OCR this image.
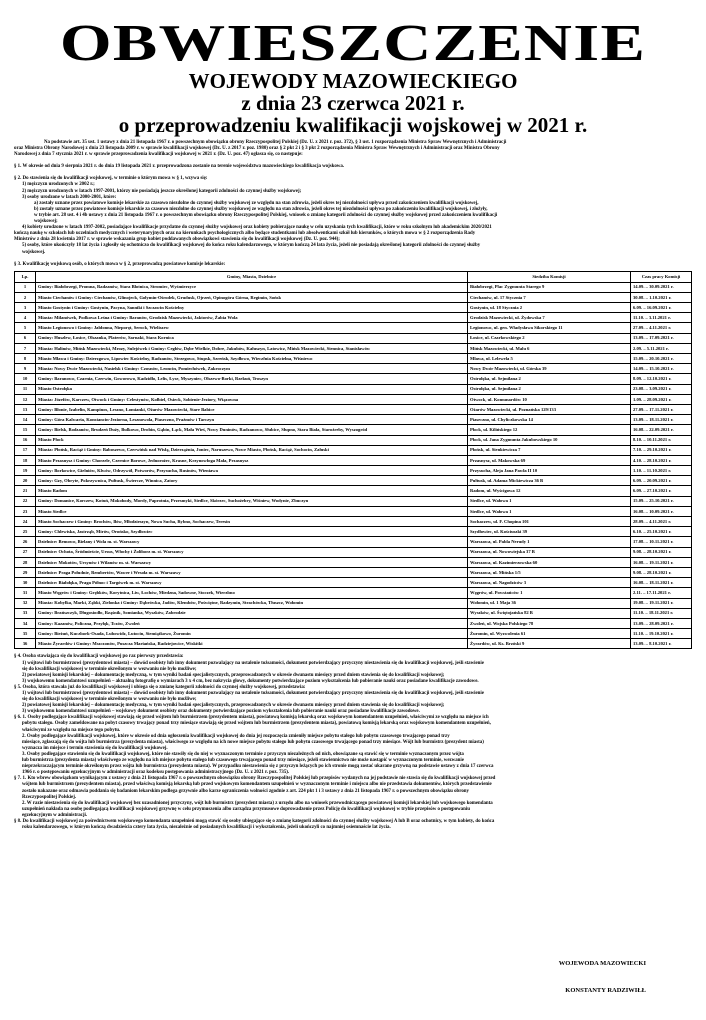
OBWIESZCZENIE
WOJEWODY MAZOWIECKIEGO
z dnia 23 czerwca 2021 r.
o przeprowadzeniu kwalifikacji wojskowej w 2021 r.

Na podstawie art. 35 ust. 1 ustawy z dnia 21 listopada 1967 r. o powszechnym obowiązku obrony Rzeczypospolitej Polskiej (Dz. U. z 2021 r. poz. 372), § 3 ust. 1 rozporządzenia Ministra Spraw Wewnętrznych i Administracji

oraz Ministra Obrony Narodowej z dnia 23 listopada 2009 r. w sprawie kwalifikacji wojskowej (Dz. U. z 2017 r. poz. 1980) oraz § 2 pkt 2 i § 3 pkt 2 rozporządzenia Ministra Spraw Wewnętrznych i Administracji oraz Ministra Obrony

Narodowej z dnia 7 stycznia 2021 r. w sprawie przeprowadzenia kwalifikacji wojskowej w 2021 r. (Dz. U. poz. 47) ogłasza się, co następuje:

§ 1. W okresie od dnia 9 sierpnia 2021 r. do dnia 19 listopada 2021 r. przeprowadzona zostanie na terenie województwa mazowieckiego kwalifikacja wojskowa.

§ 2. Do stawienia się do kwalifikacji wojskowej, w terminie o którym mowa w § 1, wzywa się:

1) mężczyzn urodzonych w 2002 r.;

2) mężczyzn urodzonych w latach 1997-2001, którzy nie posiadają jeszcze określonej kategorii zdolności do czynnej służby wojskowej;

3) osoby urodzone w latach 2000-2001, które:

a) zostały uznane przez powiatowe komisje lekarskie za czasowo niezdolne do czynnej służby wojskowej ze względu na stan zdrowia, jeżeli okres tej niezdolności upływa przed zakończeniem kwalifikacji wojskowej,

b) zostały uznane przez powiatowe komisje lekarskie za czasowo niezdolne do czynnej służby wojskowej ze względu na stan zdrowia, jeżeli okres tej niezdolności upływa po zakończeniu kwalifikacji wojskowej, i złożyły,

w trybie art. 28 ust. 4 i 4b ustawy z dnia 21 listopada 1967 r. o powszechnym obowiązku obrony Rzeczypospolitej Polskiej, wniosek o zmianę kategorii zdolności do czynnej służby wojskowej przed zakończeniem kwalifikacji

wojskowej;

4) kobiety urodzone w latach 1997-2002, posiadające kwalifikacje przydatne do czynnej służby wojskowej oraz kobiety pobierające naukę w celu uzyskania tych kwalifikacji, które w roku szkolnym lub akademickim 2020/2021

kończą naukę w szkołach lub uczelniach medycznych i weterynaryjnych oraz na kierunkach psychologicznych albo będące studentkami lub absolwentkami szkół lub kierunków, o których mowa w § 2 rozporządzenia Rady

Ministrów z dnia 28 kwietnia 2017 r. w sprawie wskazania grup kobiet poddawanych obowiązkowi stawienia się do kwalifikacji wojskowej (Dz. U. poz. 944);

5) osoby, które ukończyły 18 lat życia i zgłosiły się ochotniczo do kwalifikacji wojskowej do końca roku kalendarzowego, w którym kończą 24 lata życia, jeżeli nie posiadają określonej kategorii zdolności do czynnej służby

wojskowej.

§ 3. Kwalifikację wojskową osób, o których mowa w § 2, przeprowadzą powiatowe komisje lekarskie:

Lp.	Gminy, Miasta, Dzielnice	Siedziba Komisji	Czas pracy Komisji
1	Gminy: Białobrzegi, Promna, Radzanów, Stara Błotnica, Stromiec, Wyśmierzyce	Białobrzegi, Plac Zygmunta Starego 9	14.09. – 30.09.2021 r.
2	Miasto Ciechanów i Gminy: Ciechanów, Glinojeck, Gołymin-Ośrodek, Grudusk, Ojrzeń, Opinogóra Górna, Regimin, Sońsk	Ciechanów, ul. 17 Stycznia 7	30.08. – 1.10.2021 r.
3	Miasto Gostynin i Gminy: Gostynin, Pacyna, Sanniki i Szczawin Kościelny	Gostynin, ul. 18 Stycznia 2	6.09. – 16.09.2021 r.
4	Miasta: Milanówek, Podkowa Leśna i Gminy: Baranów, Grodzisk Mazowiecki, Jaktorów, Żabia Wola	Grodzisk Mazowiecki, ul. Żydowska 7	11.10. – 3.11.2021 r.
5	Miasto Legionowo i Gminy: Jabłonna, Nieporęt, Serock, Wieliszew	Legionowo, ul. gen. Władysława Sikorskiego 11	27.09. – 4.11.2021 r.
6	Gminy: Huszlew, Łosice, Olszanka, Platerów, Sarnaki, Stara Kornica	Łosice, ul. Czarkowskiego 2	13.09. – 17.09.2021 r.
7	Miasta: Halinów, Mińsk Mazowiecki, Mrozy, Sulejówek i Gminy: Cegłów, Dębe Wielkie, Dobre, Jakubów, Kałuszyn, Latowicz, Mińsk Mazowiecki, Siennica, Stanisławów	Mińsk Mazowiecki, ul. Malu 6	2.09. – 5.11.2021 r.
8	Miasto Mława i Gminy: Dzierzgowo, Lipowiec Kościelny, Radzanów, Strzegowo, Stupsk, Szreńsk, Szydłowo, Wieczfnia Kościelna, Wiśniewo	Mława, ul. Lelewela 5	15.09. – 20.10.2021 r.
9	Miasta: Nowy Dwór Mazowiecki, Nasielsk i Gminy: Czosnów, Leoncin, Pomiechówek, Zakroczym	Nowy Dwór Mazowiecki, ul. Górska 39	14.09. – 15.10.2021 r.
10	Gminy: Baranowo, Czarnia, Czerwin, Goworowo, Kadzidło, Lelis, Łyse, Myszyniec, Olszewo-Borki, Rzekuń, Troszyn	Ostrołęka, ul. Sejmilana 2	8.09. – 12.10.2021 r.
11	Miasto Ostrołęka	Ostrołęka, ul. Sejmilana 2	23.08. – 3.09.2021 r.
12	Miasta: Józefów, Karczew, Otwock i Gminy: Celestynów, Kołbiel, Osieck, Sobienie-Jeziory, Wiązowna	Otwock, ul. Komunardów 10	1.09. – 28.09.2021 r.
13	Gminy: Błonie, Izabelin, Kampinos, Leszno, Łomianki, Ożarów Mazowiecki, Stare Babice	Ożarów Mazowiecki, ul. Poznańska 129/133	27.09. – 17.11.2021 r.
14	Gminy: Góra Kalwaria, Konstancin-Jeziorna, Lesznowola, Piaseczno, Prażmów i Tarczyn	Piaseczno, ul. Chyliczkowska 14	13.09. – 18.11.2021 r.
15	Gminy: Bielsk, Bodzanów, Brudzeń Duży, Bulkowo, Drobin, Gąbin, Łąck, Mała Wieś, Nowy Duninów, Radzanowo, Słubice, Słupno, Stara Biała, Staroźreby, Wyszogród	Płock, ul. Kilińskiego 12	16.08. – 22.09.2021 r.
16	Miasto Płock	Płock, ul. Jana Zygmunta Jakubowskiego 10	8.10. – 10.11.2021 r.
17	Miasta: Płońsk, Raciąż i Gminy: Baboszewo, Czerwińsk nad Wisłą, Dzierzążnia, Joniec, Naruszewo, Nowe Miasto, Płońsk, Raciąż, Sochocin, Załuski	Płońsk, ul. Sienkiewicza 7	7.10. – 29.10.2021 r.
18	Miasto Przasnysz i Gminy: Chorzele, Czernice Borowe, Jednorożec, Krasne, Krzynowłoga Mała, Przasnysz	Przasnysz, ul. Makowska 69	4.10. – 28.10.2021 r.
19	Gminy: Borkowice, Gielniów, Klwów, Odrzywół, Potworów, Przysucha, Rusinów, Wieniawa	Przysucha, Aleja Jana Pawła II 10	1.10. – 11.10.2021 r.
20	Gminy: Gzy, Obryte, Pokrzywnica, Pułtusk, Świercze, Winnica, Zatory	Pułtusk, ul. Adama Mickiewicza 36 B	6.09. – 20.09.2021 r.
21	Miasto Radom	Radom, ul. Wyścigowa 12	6.09. – 27.10.2021 r.
22	Gminy: Domanice, Korczew, Kotuń, Mokobody, Mordy, Paprotnia, Przesmyki, Siedlce, Skórzec, Suchożebry, Wiśniew, Wodynie, Zbuczyn	Siedlce, ul. Wałowa 1	15.09. – 25.10.2021 r.
23	Miasto Siedlce	Siedlce, ul. Wałowa 1	16.08. – 10.09.2021 r.
24	Miasto Sochaczew i Gminy: Brochów, Iłów, Młodzieszyn, Nowa Sucha, Rybno, Sochaczew, Teresin	Sochaczew, ul. F. Chopina 101	28.09. – 4.11.2021 r.
25	Gminy: Chlewiska, Jastrząb, Mirów, Orońsko, Szydłowiec	Szydłowiec, ul. Kościuszki 39	6.10. – 25.10.2021 r.
26	Dzielnice: Bemowo, Bielany i Wola m. st. Warszawy	Warszawa, ul. Pabla Nerudy 1	17.08. – 10.11.2021 r.
27	Dzielnice: Ochota, Śródmieście, Ursus, Włochy i Żoliborz m. st. Warszawy	Warszawa, ul. Nowowiejska 37 B	9.08. – 28.10.2021 r.
28	Dzielnice: Mokotów, Ursynów i Wilanów m. st. Warszawy	Warszawa, ul. Kazimierzowska 60	16.08. – 19.11.2021 r.
29	Dzielnice: Praga Południe, Rembertów, Wawer i Wesoła m. st. Warszawy	Warszawa, ul. Mińska 1/5	9.08. – 28.10.2021 r.
30	Dzielnice: Białołęka, Praga Północ i Targówek m. st. Warszawy	Warszawa, ul. Nagodziców 3	16.08. – 18.11.2021 r.
31	Miasto Węgrów i Gminy: Grębków, Korytnica, Liw, Łochów, Miedzna, Sadowne, Stoczek, Wierzbno	Węgrów, ul. Powstańców 1	2.11. – 17.11.2021 r.
32	Miasta: Kobyłka, Marki, Ząbki, Zielonka i Gminy: Dąbrówka, Jadów, Klembów, Poświętne, Radzymin, Strachówka, Tłuszcz, Wołomin	Wołomin, ul. 1 Maja 36	19.08. – 19.11.2021 r.
33	Gminy: Brańszczyk, Długosiodło, Rząśnik, Somianka, Wyszków, Zabrodzie	Wyszków, ul. Świętojańska 82 B	11.10. – 18.11.2021 r.
34	Gminy: Kazanów, Policzna, Przyłęk, Tczów, Zwoleń	Zwoleń, ul. Wojska Polskiego 78	13.09. – 28.09.2021 r.
35	Gminy: Bieżuń, Kuczbork-Osada, Lubowidz, Lutocin, Siemiątkowo, Żuromin	Żuromin, ul. Wyzwolenia 61	11.10. – 19.10.2021 r.
36	Miasto Żyrardów i Gminy: Mszczonów, Puszcza Mariańska, Radziejowice, Wiskitki	Żyrardów, ul. Ks. Brzóski 9	13.09. – 8.10.2021 r.

§ 4. Osoba stawiająca się do kwalifikacji wojskowej po raz pierwszy przedstawia:

1) wójtowi lub burmistrzowi (prezydentowi miasta) – dowód osobisty lub inny dokument pozwalający na ustalenie tożsamości, dokument potwierdzający przyczyny niestawienia się do kwalifikacji wojskowej, jeśli stawienie

się do kwalifikacji wojskowej w terminie określonym w wezwaniu nie było możliwe;

2) powiatowej komisji lekarskiej – dokumentację medyczną, w tym wyniki badań specjalistycznych, przeprowadzonych w okresie dwunastu miesięcy przed dniem stawienia się do kwalifikacji wojskowej;

3) wojskowemu komendantowi uzupełnień – aktualną fotografię o wymiarach 3 x 4 cm, bez nakrycia głowy, dokumenty potwierdzające poziom wykształcenia lub pobieranie nauki oraz posiadane kwalifikacje zawodowe.

§ 5. Osoba, która stawała już do kwalifikacji wojskowej i ubiega się o zmianę kategorii zdolności do czynnej służby wojskowej, przedstawia:

1) wójtowi lub burmistrzowi (prezydentowi miasta) – dowód osobisty lub inny dokument pozwalający na ustalenie tożsamości, dokument potwierdzający przyczyny niestawienia się do kwalifikacji wojskowej, jeśli stawienie

się do kwalifikacji wojskowej w terminie określonym w wezwaniu nie było możliwe;

2) powiatowej komisji lekarskiej – dokumentację medyczną, w tym wyniki badań specjalistycznych, przeprowadzonych w okresie dwunastu miesięcy przed dniem stawienia się do kwalifikacji wojskowej;

3) wojskowemu komendantowi uzupełnień – wojskowy dokument osobisty oraz dokumenty potwierdzające poziom wykształcenia lub pobieranie nauki oraz posiadane kwalifikacje zawodowe.

§ 6. 1. Osoby podlegające kwalifikacji wojskowej stawiają się przed wójtem lub burmistrzem (prezydentem miasta), powiatową komisją lekarską oraz wojskowym komendantem uzupełnień, właściwymi ze względu na miejsce ich

pobytu stałego. Osoby zameldowane na pobyt czasowy trwający ponad trzy miesiące stawiają się przed wójtem lub burmistrzem (prezydentem miasta), powiatową komisją lekarską oraz wojskowym komendantem uzupełnień,

właściwymi ze względu na miejsce tego pobytu.

2. Osoby podlegające kwalifikacji wojskowej, które w okresie od dnia ogłoszenia kwalifikacji wojskowej do dnia jej rozpoczęcia zmieniły miejsce pobytu stałego lub pobytu czasowego trwającego ponad trzy

miesiące, zgłaszają się do wójta lub burmistrza (prezydenta miasta), właściwego ze względu na ich nowe miejsce pobytu stałego lub pobytu czasowego trwającego ponad trzy miesiące. Wójt lub burmistrz (prezydent miasta)

wyznacza im miejsce i termin stawienia się do kwalifikacji wojskowej.

3. Osoby podlegające stawieniu się do kwalifikacji wojskowej, które nie stawiły się do niej w wyznaczonym terminie z przyczyn niezależnych od nich, obowiązane są stawić się w terminie wyznaczonym przez wójta

lub burmistrza (prezydenta miasta) właściwego ze względu na ich miejsce pobytu stałego lub czasowego trwającego ponad trzy miesiące, jeżeli stawiennictwo nie może nastąpić w wyznaczonym terminie, wezwanie

nieprzekraczającym terminie określonym przez wójta lub burmistrza (prezydenta miasta). W przypadku niestawienia się z przyczyn leżących po ich stronie mogą zostać ukarane grzywną na podstawie ustawy z dnia 17 czerwca

1966 r. o postępowaniu egzekucyjnym w administracji oraz kodeksu postępowania administracyjnego (Dz. U. z 2021 r. poz. 735).

§ 7. 1. Kto wbrew obowiązkom wynikającym z ustawy z dnia 21 listopada 1967 r. o powszechnym obowiązku obrony Rzeczypospolitej Polskiej lub przepisów wydanych na jej podstawie nie stawia się do kwalifikacji wojskowej przed

wójtem lub burmistrzem (prezydentem miasta), przed właściwą komisją lekarską lub przed wojskowym komendantem uzupełnień w wyznaczonym terminie i miejscu albo nie przedstawia dokumentów, których przedstawienie

zostało nakazane oraz odmawia poddania się badaniom lekarskim podlega grzywnie albo karze ograniczenia wolności zgodnie z art. 224 pkt 1 i 3 ustawy z dnia 21 listopada 1967 r. o powszechnym obowiązku obrony

Rzeczypospolitej Polskiej.

2. W razie niestawienia się do kwalifikacji wojskowej bez uzasadnionej przyczyny, wójt lub burmistrz (prezydent miasta) z urzędu albo na wniosek przewodniczącego powiatowej komisji lekarskiej lub wojskowego komendanta

uzupełnień nakłada na osobę podlegającą kwalifikacji wojskowej grzywnę w celu przymuszenia albo zarządza przymusowe doprowadzenie przez Policję do kwalifikacji wojskowej w trybie przepisów o postępowaniu

egzekucyjnym w administracji.

§ 8. Do kwalifikacji wojskowej za pośrednictwem wojskowego komendanta uzupełnień mogą stawić się osoby ubiegające się o zmianę kategorii zdolności do czynnej służby wojskowej A lub B oraz ochotnicy, w tym kobiety, do końca

roku kalendarzowego, w którym kończą dwadzieścia cztery lata życia, niezależnie od posiadanych kwalifikacji i wykształcenia, jeżeli ukończyli co najmniej osiemnaście lat życia.

WOJEWODA MAZOWIECKI
KONSTANTY RADZIWIŁŁ
